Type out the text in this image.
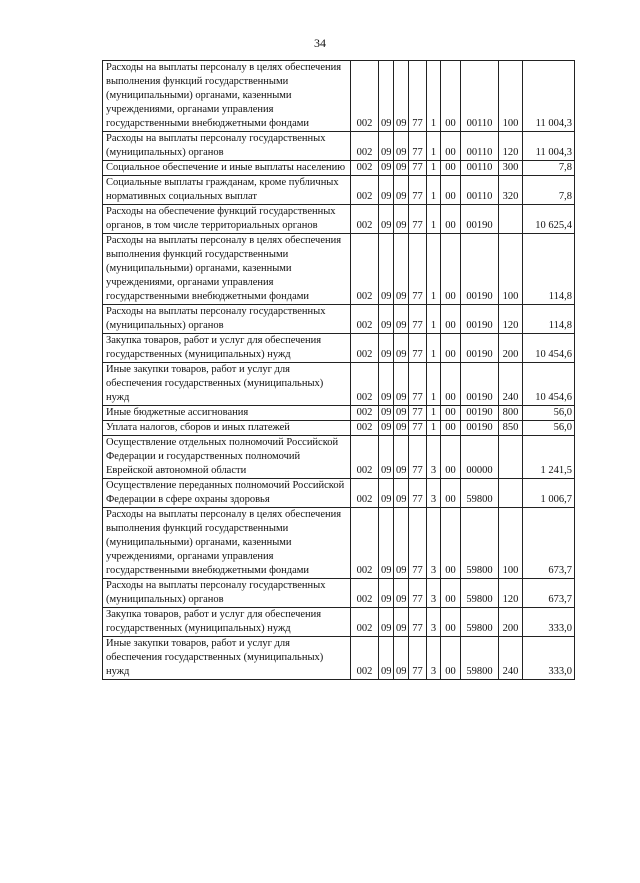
34
Расходы на выплаты персоналу в целях обеспечения выполнения функций государственными (муниципальными) органами, казенными учреждениями, органами управления государственными внебюджетными фондами	002	09	09	77	1	00	00110	100	11 004,3
Расходы на выплаты персоналу государственных (муниципальных) органов	002	09	09	77	1	00	00110	120	11 004,3
Социальное обеспечение и иные выплаты населению	002	09	09	77	1	00	00110	300	7,8
Социальные выплаты гражданам, кроме публичных нормативных социальных выплат	002	09	09	77	1	00	00110	320	7,8
Расходы на обеспечение функций государственных органов, в том числе территориальных органов	002	09	09	77	1	00	00190		10 625,4
Расходы на выплаты персоналу в целях обеспечения выполнения функций государственными (муниципальными) органами, казенными учреждениями, органами управления государственными внебюджетными фондами	002	09	09	77	1	00	00190	100	114,8
Расходы на выплаты персоналу государственных (муниципальных) органов	002	09	09	77	1	00	00190	120	114,8
Закупка товаров, работ и услуг для обеспечения государственных (муниципальных) нужд	002	09	09	77	1	00	00190	200	10 454,6
Иные закупки товаров, работ и услуг для обеспечения государственных (муниципальных) нужд	002	09	09	77	1	00	00190	240	10 454,6
Иные бюджетные ассигнования	002	09	09	77	1	00	00190	800	56,0
Уплата налогов, сборов и иных платежей	002	09	09	77	1	00	00190	850	56,0
Осуществление отдельных полномочий Российской Федерации и государственных полномочий Еврейской автономной области	002	09	09	77	3	00	00000		1 241,5
Осуществление переданных полномочий Российской Федерации в сфере охраны здоровья	002	09	09	77	3	00	59800		1 006,7
Расходы на выплаты персоналу в целях обеспечения выполнения функций государственными (муниципальными) органами, казенными учреждениями, органами управления государственными внебюджетными фондами	002	09	09	77	3	00	59800	100	673,7
Расходы на выплаты персоналу государственных (муниципальных) органов	002	09	09	77	3	00	59800	120	673,7
Закупка товаров, работ и услуг для обеспечения государственных (муниципальных) нужд	002	09	09	77	3	00	59800	200	333,0
Иные закупки товаров, работ и услуг для обеспечения государственных (муниципальных) нужд	002	09	09	77	3	00	59800	240	333,0
